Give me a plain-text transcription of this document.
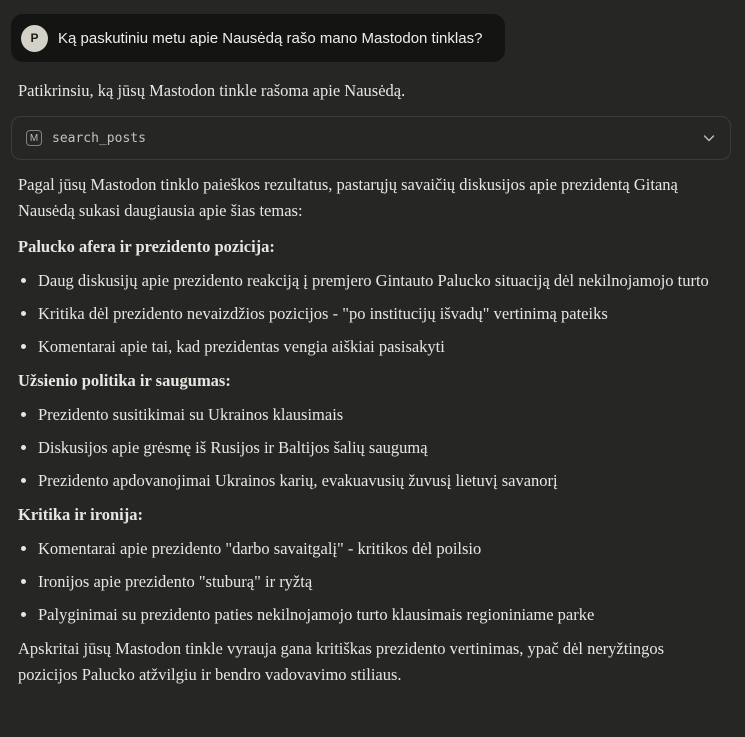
P	Ką paskutiniu metu apie Nausėdą rašo mano Mastodon tinklas?

Patikrinsiu, ką jūsų Mastodon tinkle rašoma apie Nausėdą.

M search_posts

Pagal jūsų Mastodon tinklo paieškos rezultatus, pastarųjų savaičių diskusijos apie prezidentą Gitaną Nausėdą sukasi daugiausia apie šias temas:

Palucko afera ir prezidento pozicija:

• Daug diskusijų apie prezidento reakciją į premjero Gintauto Palucko situaciją dėl nekilnojamojo turto
• Kritika dėl prezidento nevaizdžios pozicijos - "po institucijų išvadų" vertinimą pateiks
• Komentarai apie tai, kad prezidentas vengia aiškiai pasisakyti

Užsienio politika ir saugumas:

• Prezidento susitikimai su Ukrainos klausimais
• Diskusijos apie grėsmę iš Rusijos ir Baltijos šalių saugumą
• Prezidento apdovanojimai Ukrainos karių, evakuavusių žuvusį lietuvį savanorį

Kritika ir ironija:

• Komentarai apie prezidento "darbo savaitgalį" - kritikos dėl poilsio
• Ironijos apie prezidento "stuburą" ir ryžtą
• Palyginimai su prezidento paties nekilnojamojo turto klausimais regioniniame parke

Apskritai jūsų Mastodon tinkle vyrauja gana kritiškas prezidento vertinimas, ypač dėl neryžtingos pozicijos Palucko atžvilgiu ir bendro vadovavimo stiliaus.
